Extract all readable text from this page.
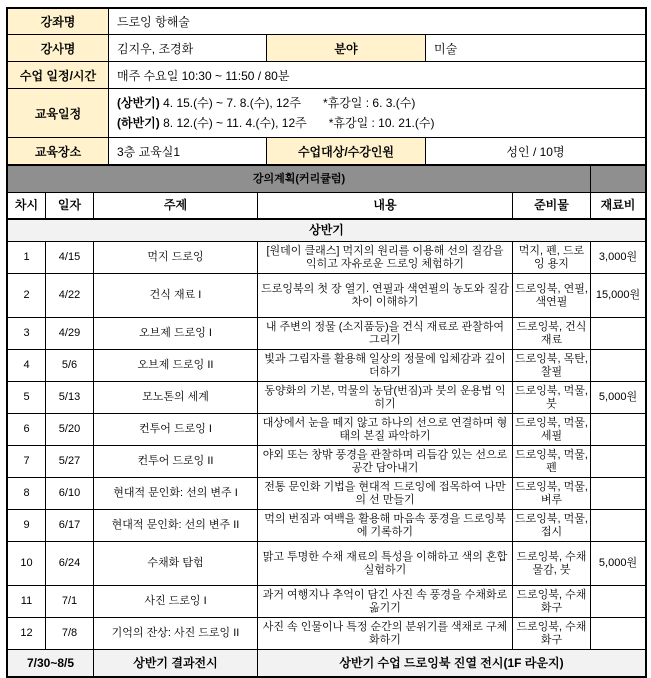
강좌명	드로잉 항해술		
강사명	김지우, 조경화	분야	미술
수업 일정/시간	매주 수요일 10:30 ~ 11:50 / 80분		
교육일정	(상반기) 4. 15.(수) ~ 7. 8.(수), 12주 *휴강일 : 6. 3.(수)
(하반기) 8. 12.(수) ~ 11. 4.(수), 12주 *휴강일 : 10. 21.(수)		

교육장소	3층 교육실1	수업대상/수강인원	성인 / 10명
강의계획(커리큘럼)					
차시	일자	주제	내용	준비물	재료비
상반기					
1	4/15	먹지 드로잉	[원데이 클래스] 먹지의 원리를 이용해 선의 질감을 익히고 자유로운 드로잉 체험하기	먹지, 펜, 드로잉 용지	3,000원
2	4/22	건식 재료 I	드로잉북의 첫 장 열기. 연필과 색연필의 농도와 질감 차이 이해하기	드로잉북, 연필, 색연필	15,000원
3	4/29	오브제 드로잉 I	내 주변의 정물 (소지품등)을 건식 재료로 관찰하여 그리기	드로잉북, 건식 재료	
4	5/6	오브제 드로잉 II	빛과 그림자를 활용해 일상의 정물에 입체감과 깊이 더하기	드로잉북, 목탄, 찰필	
5	5/13	모노톤의 세계	동양화의 기본, 먹물의 농담(번짐)과 붓의 운용법 익히기	드로잉북, 먹물, 붓	5,000원
6	5/20	컨투어 드로잉 I	대상에서 눈을 떼지 않고 하나의 선으로 연결하며 형태의 본질 파악하기	드로잉북, 먹물, 세필	
7	5/27	컨투어 드로잉 II	야외 또는 창밖 풍경을 관찰하며 리듬감 있는 선으로 공간 담아내기	드로잉북, 먹물, 펜	
8	6/10	현대적 문인화: 선의 변주 I	전통 문인화 기법을 현대적 드로잉에 접목하여 나만의 선 만들기	드로잉북, 먹물, 벼루	
9	6/17	현대적 문인화: 선의 변주 II	먹의 번짐과 여백을 활용해 마음속 풍경을 드로잉북에 기록하기	드로잉북, 먹물, 접시	
10	6/24	수채화 탐험	맑고 투명한 수채 재료의 특성을 이해하고 색의 혼합 실험하기	드로잉북, 수채물감, 붓	5,000원
11	7/1	사진 드로잉 I	과거 여행지나 추억이 담긴 사진 속 풍경을 수채화로 옮기기	드로잉북, 수채화구	
12	7/8	기억의 잔상: 사진 드로잉 II	사진 속 인물이나 특정 순간의 분위기를 색채로 구체화하기	드로잉북, 수채화구	
7/30~8/5		상반기 결과전시	상반기 수업 드로잉북 진열 전시(1F 라운지)		
